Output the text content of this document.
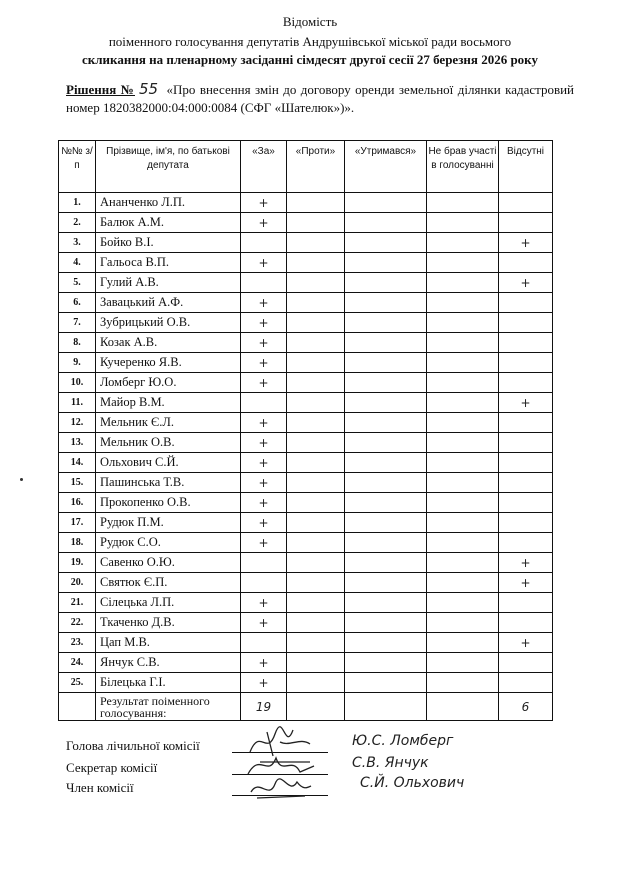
Відомість
поіменного голосування депутатів Андрушівської міської ради восьмого
скликання на пленарному засіданні сімдесят другої сесії 27 березня 2026 року
Рішення № 55 «Про внесення змін до договору оренди земельної ділянки кадастровий номер 1820382000:04:000:0084 (СФГ «Шателюк»)».
№№ з/п	Прізвище, ім'я, по батькові депутата	«За»	«Проти»	«Утримався»	Не брав участі в голосуванні	Відсутні
1.	Ананченко Л.П.	+				
2.	Балюк А.М.	+				
3.	Бойко В.І.					+
4.	Гальоса В.П.	+				
5.	Гулий А.В.					+
6.	Завацький А.Ф.	+				
7.	Зубрицький О.В.	+				
8.	Козак А.В.	+				
9.	Кучеренко Я.В.	+				
10.	Ломберг Ю.О.	+				
11.	Майор В.М.					+
12.	Мельник Є.Л.	+				
13.	Мельник О.В.	+				
14.	Ольхович С.Й.	+				
15.	Пашинська Т.В.	+				
16.	Прокопенко О.В.	+				
17.	Рудюк П.М.	+				
18.	Рудюк С.О.	+				
19.	Савенко О.Ю.					+
20.	Святюк Є.П.					+
21.	Сілецька Л.П.	+				
22.	Ткаченко Д.В.	+				
23.	Цап М.В.					+
24.	Янчук С.В.	+				
25.	Білецька Г.І.	+				
	Результат поіменного голосування:	19				6
Голова лічильної комісії	Ю.С. Ломберг
Секретар комісії	С.В. Янчук
Член комісії	С.Й. Ольхович
